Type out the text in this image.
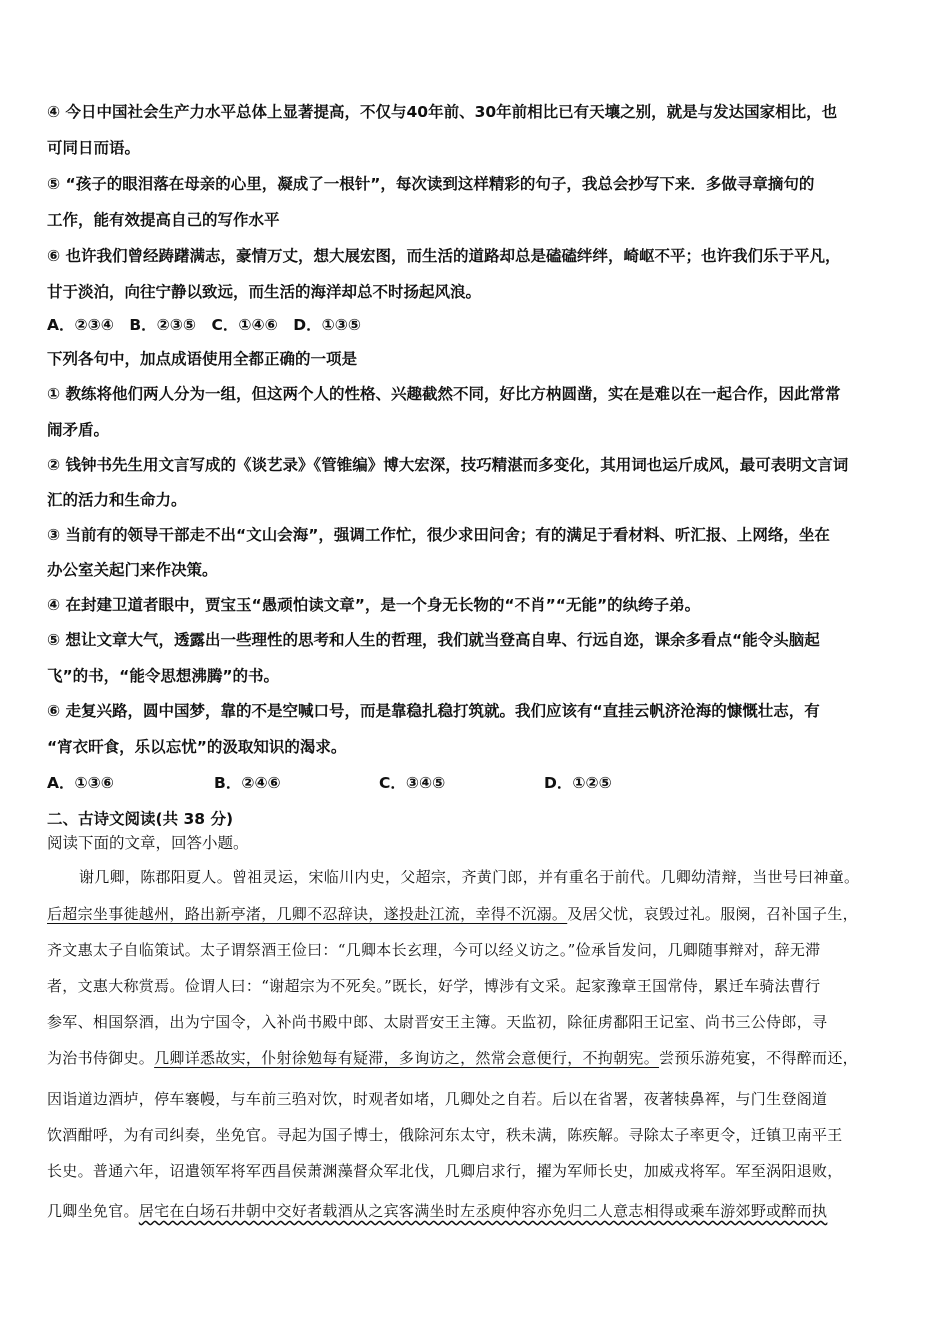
④ 今日中国社会生产力水平总体上显著提高，不仅与40年前、30年前相比已有天壤之别，就是与发达国家相比，也
可同日而语。
⑤ “孩子的眼泪落在母亲的心里，凝成了一根针”，每次读到这样精彩的句子，我总会抄写下来．多做寻章摘句的
工作，能有效提高自己的写作水平
⑥ 也许我们曾经踌躇满志，豪情万丈，想大展宏图，而生活的道路却总是磕磕绊绊，崎岖不平；也许我们乐于平凡，
甘于淡泊，向往宁静以致远，而生活的海洋却总不时扬起风浪。
A．②③④　B．②③⑤　C．①④⑥　D．①③⑤
下列各句中，加点成语使用全都正确的一项是
① 教练将他们两人分为一组，但这两个人的性格、兴趣截然不同，好比方枘圆凿，实在是难以在一起合作，因此常常
闹矛盾。
② 钱钟书先生用文言写成的《谈艺录》《管锥编》博大宏深，技巧精湛而多变化，其用词也运斤成风，最可表明文言词
汇的活力和生命力。
③ 当前有的领导干部走不出“文山会海”，强调工作忙，很少求田问舍；有的满足于看材料、听汇报、上网络，坐在
办公室关起门来作决策。
④ 在封建卫道者眼中，贾宝玉“愚顽怕读文章”，是一个身无长物的“不肖”“无能”的纨绔子弟。
⑤ 想让文章大气，透露出一些理性的思考和人生的哲理，我们就当登高自卑、行远自迩，课余多看点“能令头脑起
飞”的书，“能令思想沸腾”的书。
⑥ 走复兴路，圆中国梦，靠的不是空喊口号，而是靠稳扎稳打筑就。我们应该有“直挂云帆济沧海的慷慨壮志，有
“宵衣旰食，乐以忘忧”的汲取知识的渴求。
A．①③⑥	B．②④⑥	C．③④⑤	D．①②⑤
二、古诗文阅读(共 38 分)
阅读下面的文章，回答小题。
谢几卿，陈郡阳夏人。曾祖灵运，宋临川内史，父超宗，齐黄门郎，并有重名于前代。几卿幼清辩，当世号曰神童。
后超宗坐事徙越州，路出新亭渚，几卿不忍辞诀，遂投赴江流，幸得不沉溺。及居父忧，哀毁过礼。服阕，召补国子生，
齐文惠太子自临策试。太子谓祭酒王俭曰：“几卿本长玄理，今可以经义访之。”俭承旨发问，几卿随事辩对，辞无滞
者，文惠大称赏焉。俭谓人曰：“谢超宗为不死矣。”既长，好学，博涉有文采。起家豫章王国常侍，累迁车骑法曹行
参军、相国祭酒，出为宁国令，入补尚书殿中郎、太尉晋安王主簿。天监初，除征虏鄱阳王记室、尚书三公侍郎，寻
为治书侍御史。几卿详悉故实，仆射徐勉每有疑滞，多询访之，然常会意便行，不拘朝宪。尝预乐游苑宴，不得醉而还，
因诣道边酒垆，停车褰幔，与车前三驺对饮，时观者如堵，几卿处之自若。后以在省署，夜著犊鼻裈，与门生登阁道
饮酒酣呼，为有司纠奏，坐免官。寻起为国子博士，俄除河东太守，秩未满，陈疾解。寻除太子率更令，迁镇卫南平王
长史。普通六年，诏遣领军将军西昌侯萧渊藻督众军北伐，几卿启求行，擢为军师长史，加威戎将军。军至涡阳退败，
几卿坐免官。居宅在白场石井朝中交好者载酒从之宾客满坐时左丞庾仲容亦免归二人意志相得或乘车游郊野或醉而执
